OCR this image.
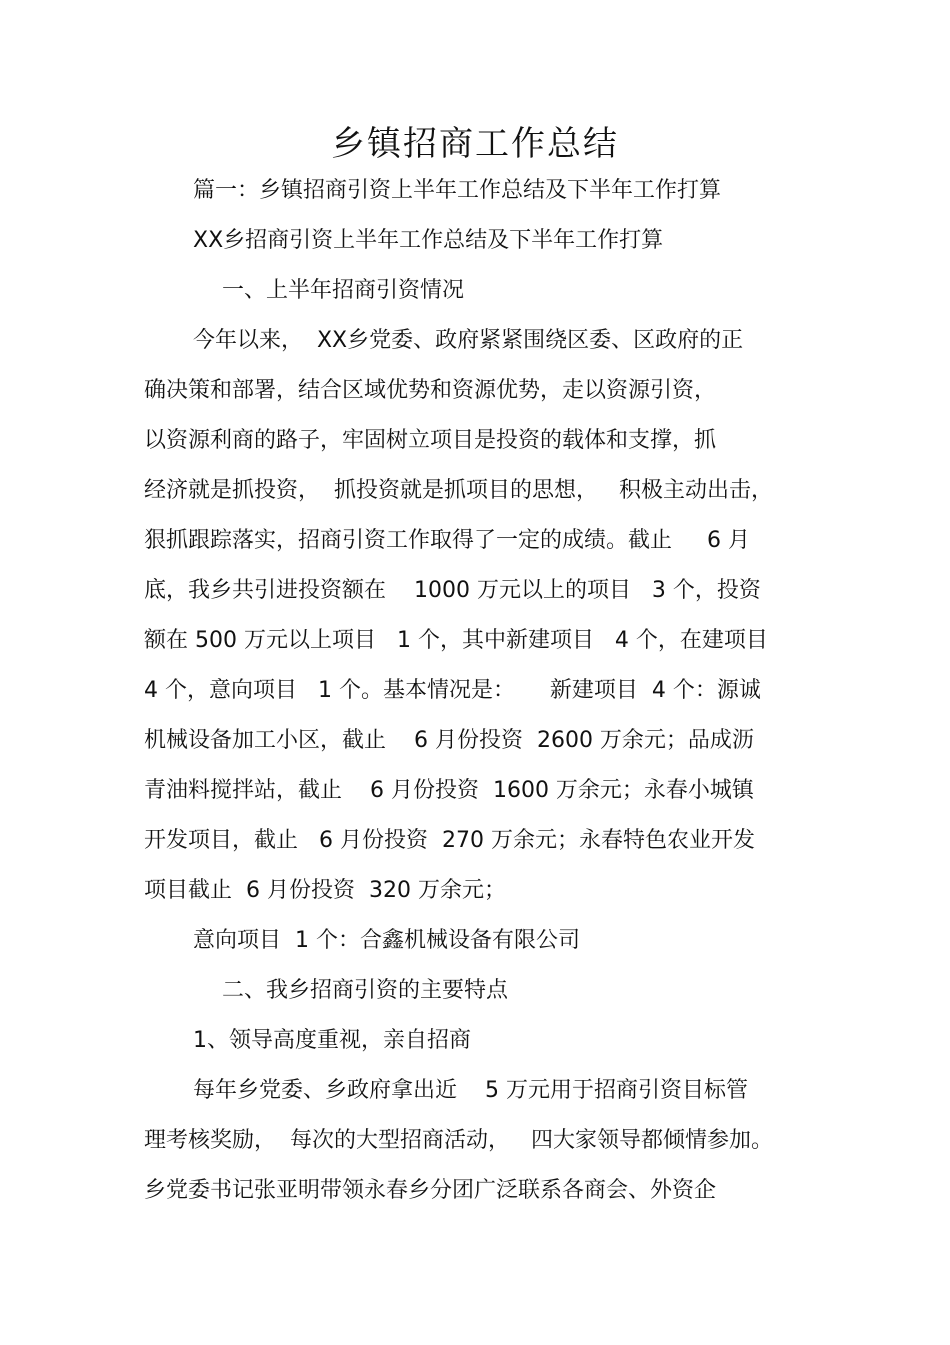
乡镇招商工作总结
篇一：乡镇招商引资上半年工作总结及下半年工作打算
XX乡招商引资上半年工作总结及下半年工作打算
一、上半年招商引资情况
今年以来，  XX乡党委、政府紧紧围绕区委、区政府的正
确决策和部署，结合区域优势和资源优势，走以资源引资，
以资源利商的路子，牢固树立项目是投资的载体和支撑，抓
经济就是抓投资，  抓投资就是抓项目的思想，   积极主动出击，
狠抓跟踪落实，招商引资工作取得了一定的成绩。截止     6 月
底，我乡共引进投资额在    1000 万元以上的项目   3 个，投资
额在 500 万元以上项目   1 个，其中新建项目   4 个，在建项目
4 个，意向项目   1 个。基本情况是：     新建项目  4 个：源诚
机械设备加工小区，截止    6 月份投资  2600 万余元；品成沥
青油料搅拌站，截止    6 月份投资  1600 万余元；永春小城镇
开发项目，截止   6 月份投资  270 万余元；永春特色农业开发
项目截止  6 月份投资  320 万余元；
意向项目  1 个：合鑫机械设备有限公司
二、我乡招商引资的主要特点
1、领导高度重视，亲自招商
每年乡党委、乡政府拿出近    5 万元用于招商引资目标管
理考核奖励，  每次的大型招商活动，   四大家领导都倾情参加。
乡党委书记张亚明带领永春乡分团广泛联系各商会、外资企
